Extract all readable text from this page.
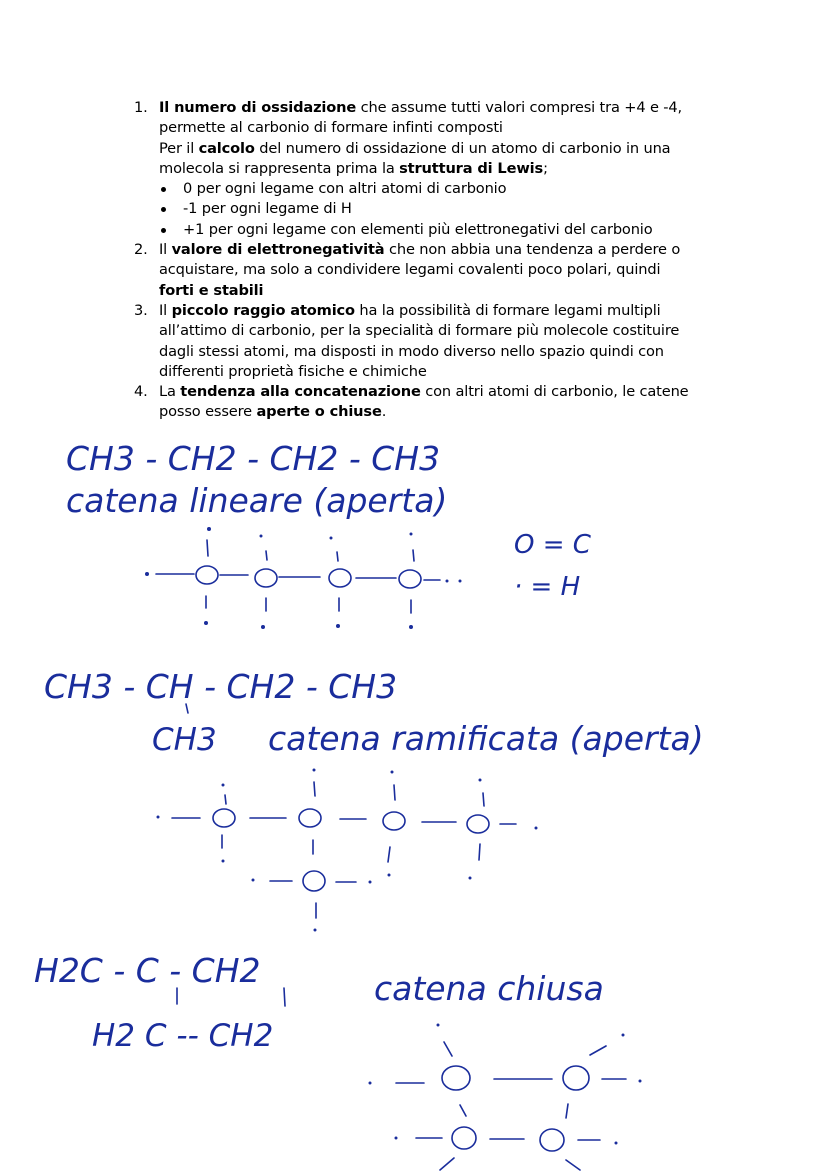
1. Il numero di ossidazione che assume tutti valori compresi tra +4 e -4,
permette al carbonio di formare infinti composti
Per il calcolo del numero di ossidazione di un atomo di carbonio in una
molecola si rappresenta prima la struttura di Lewis;
0 per ogni legame con altri atomi di carbonio
-1 per ogni legame di H
+1 per ogni legame con elementi più elettronegativi del carbonio
2. Il valore di elettronegatività che non abbia una tendenza a perdere o
acquistare, ma solo a condividere legami covalenti poco polari, quindi
forti e stabili
3. Il piccolo raggio atomico ha la possibilità di formare legami multipli
all’attimo di carbonio, per la specialità di formare più molecole costituire
dagli stessi atomi, ma disposti in modo diverso nello spazio quindi con
differenti proprietà fisiche e chimiche
4. La tendenza alla concatenazione con altri atomi di carbonio, le catene
posso essere aperte o chiuse.
CH3 - CH2 - CH2 - CH3
catena lineare (aperta)
O = C
· = H
CH3 - CH - CH2 - CH3
CH3 catena ramificata (aperta)
H2C - C - CH2
H2 C -- CH2
catena chiusa
